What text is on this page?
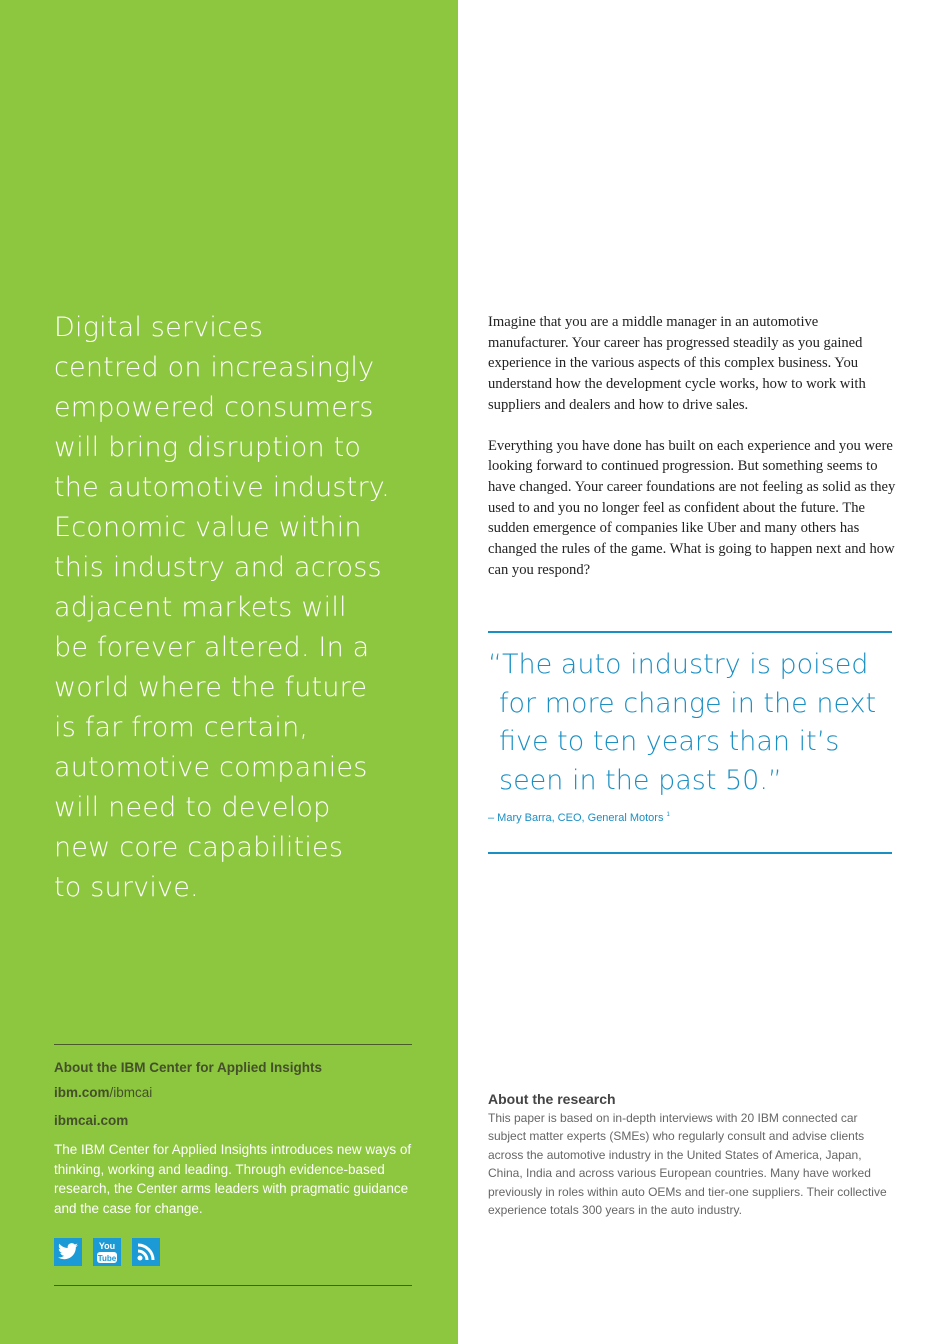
Digital services
centred on increasingly
empowered consumers
will bring disruption to
the automotive industry.
Economic value within
this industry and across
adjacent markets will
be forever altered. In a
world where the future
is far from certain,
automotive companies
will need to develop
new core capabilities
to survive.
About the IBM Center for Applied Insights
ibm.com/ibmcai
ibmcai.com

The IBM Center for Applied Insights introduces new ways of thinking, working and leading. Through evidence-based research, the Center arms leaders with pragmatic guidance and the case for change.

You
Tube

Imagine that you are a middle manager in an automotive manufacturer. Your career has progressed steadily as you gained experience in the various aspects of this complex business. You understand how the development cycle works, how to work with suppliers and dealers and how to drive sales.

Everything you have done has built on each experience and you were looking forward to continued progression. But something seems to have changed. Your career foundations are not feeling as solid as they used to and you no longer feel as confident about the future. The sudden emergence of companies like Uber and many others has changed the rules of the game. What is going to happen next and how can you respond?

“The auto industry is poised
for more change in the next
five to ten years than it’s
seen in the past 50.”
– Mary Barra, CEO, General Motors $^1$
About the research

This paper is based on in-depth interviews with 20 IBM connected car subject matter experts (SMEs) who regularly consult and advise clients across the automotive industry in the United States of America, Japan, China, India and across various European countries. Many have worked previously in roles within auto OEMs and tier-one suppliers. Their collective experience totals 300 years in the auto industry.
